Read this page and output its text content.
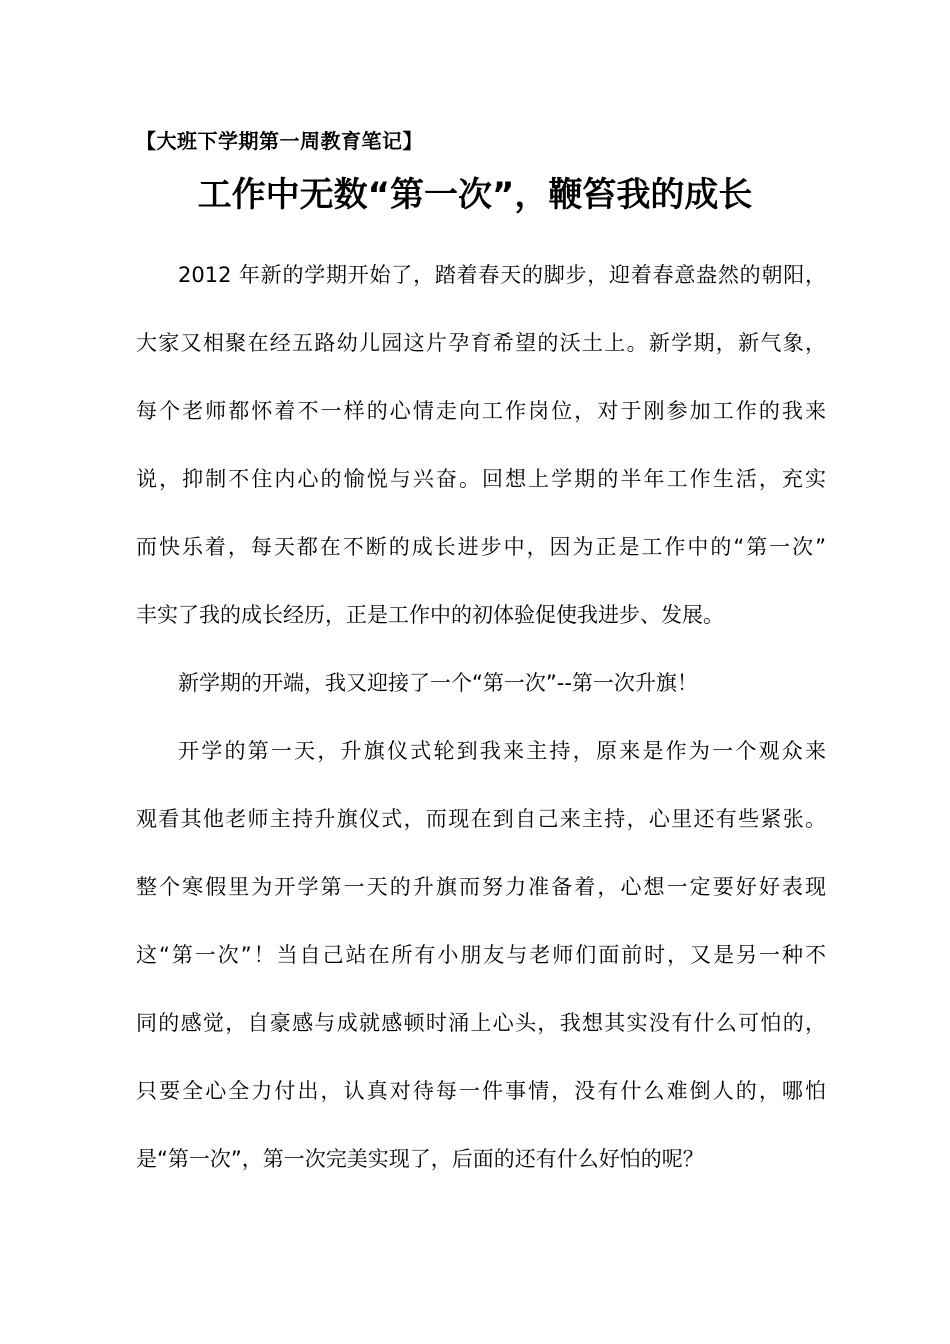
【大班下学期第一周教育笔记】
工作中无数“第一次”，鞭笞我的成长
2012 年新的学期开始了，踏着春天的脚步，迎着春意盎然的朝阳，
大家又相聚在经五路幼儿园这片孕育希望的沃土上。新学期，新气象，
每个老师都怀着不一样的心情走向工作岗位，对于刚参加工作的我来
说，抑制不住内心的愉悦与兴奋。回想上学期的半年工作生活，充实
而快乐着，每天都在不断的成长进步中，因为正是工作中的“第一次”
丰实了我的成长经历，正是工作中的初体验促使我进步、发展。
新学期的开端，我又迎接了一个“第一次”--第一次升旗！
开学的第一天，升旗仪式轮到我来主持，原来是作为一个观众来
观看其他老师主持升旗仪式，而现在到自己来主持，心里还有些紧张。
整个寒假里为开学第一天的升旗而努力准备着，心想一定要好好表现
这“第一次”！当自己站在所有小朋友与老师们面前时，又是另一种不
同的感觉，自豪感与成就感顿时涌上心头，我想其实没有什么可怕的，
只要全心全力付出，认真对待每一件事情，没有什么难倒人的，哪怕
是“第一次”，第一次完美实现了，后面的还有什么好怕的呢？
